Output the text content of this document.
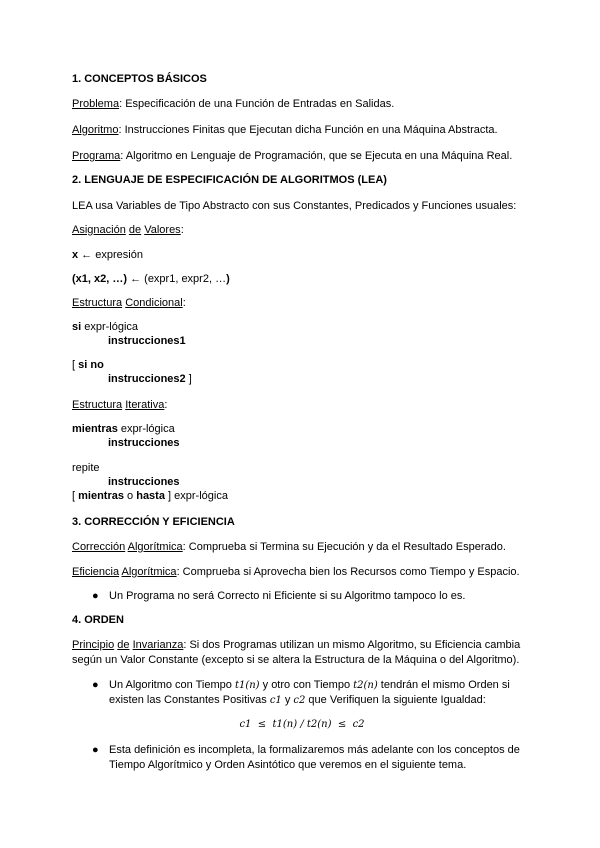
1. CONCEPTOS BÁSICOS
Problema: Especificación de una Función de Entradas en Salidas.
Algoritmo: Instrucciones Finitas que Ejecutan dicha Función en una Máquina Abstracta.
Programa: Algoritmo en Lenguaje de Programación, que se Ejecuta en una Máquina Real.
2. LENGUAJE DE ESPECIFICACIÓN DE ALGORITMOS (LEA)
LEA usa Variables de Tipo Abstracto con sus Constantes, Predicados y Funciones usuales:
Asignación de Valores:
x ← expresión
(x1, x2, …) ← (expr1, expr2, …)
Estructura Condicional:
si expr-lógica
instrucciones1
[ si no
instrucciones2 ]
Estructura Iterativa:
mientras expr-lógica
instrucciones
repite
instrucciones
[ mientras o hasta ] expr-lógica
3. CORRECCIÓN Y EFICIENCIA
Corrección Algorítmica: Comprueba si Termina su Ejecución y da el Resultado Esperado.
Eficiencia Algorítmica: Comprueba si Aprovecha bien los Recursos como Tiempo y Espacio.
● Un Programa no será Correcto ni Eficiente si su Algoritmo tampoco lo es.
4. ORDEN
Principio de Invarianza: Si dos Programas utilizan un mismo Algoritmo, su Eficiencia cambia
según un Valor Constante (excepto si se altera la Estructura de la Máquina o del Algoritmo).
● Un Algoritmo con Tiempo t1(n) y otro con Tiempo t2(n) tendrán el mismo Orden si
existen las Constantes Positivas c1 y c2 que Verifiquen la siguiente Igualdad:
c1  ≤  t1(n) / t2(n)  ≤  c2
● Esta definición es incompleta, la formalizaremos más adelante con los conceptos de
Tiempo Algorítmico y Orden Asintótico que veremos en el siguiente tema.
